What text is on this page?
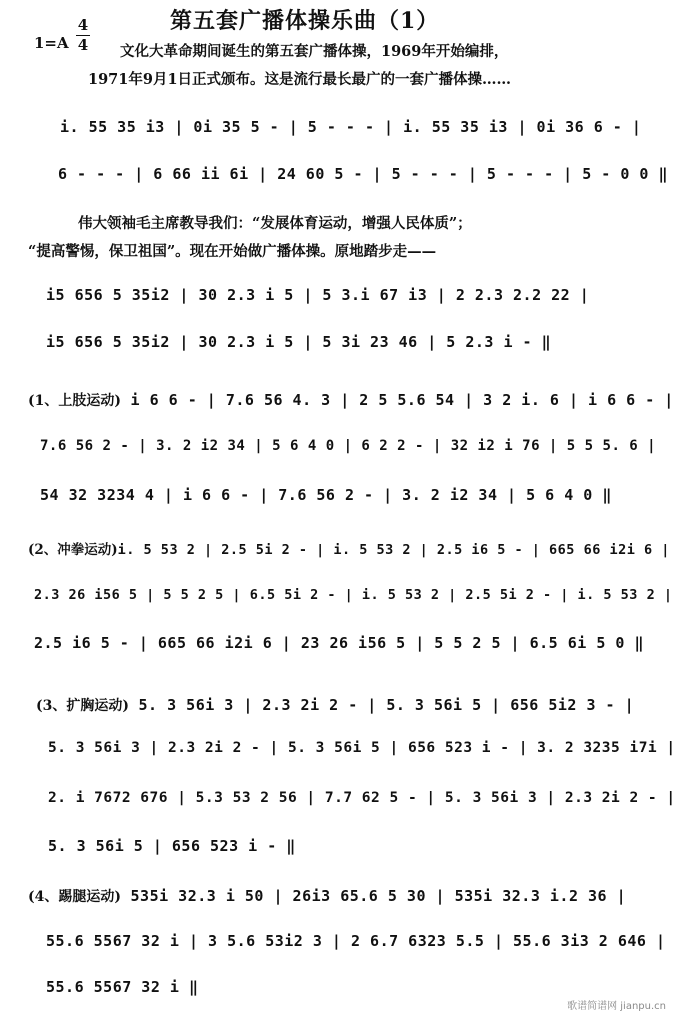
第五套广播体操乐曲（1）
1=A
4
4 文化大革命期间诞生的第五套广播体操，1969年开始编排，
1971年9月1日正式颁布。这是流行最长最广的一套广播体操……
i. 55 35 i3 | 0i 35 5 - | 5 - - - | i. 55 35 i3 | 0i 36 6 - |
6 - - - | 6 66 ii 6i | 24 60 5 - | 5 - - - | 5 - - - | 5 - 0 0 ‖
伟大领袖毛主席教导我们：“发展体育运动，增强人民体质”；
“提高警惕，保卫祖国”。现在开始做广播体操。原地踏步走——
i5 656 5 35i2 | 30 2.3 i 5 | 5 3.i 67 i3 | 2 2.3 2.2 22 |
i5 656 5 35i2 | 30 2.3 i 5 | 5 3i 23 46 | 5 2.3 i - ‖
(1、上肢运动) i 6 6 - | 7.6 56 4. 3 | 2 5 5.6 54 | 3 2 i. 6 | i 6 6 - |
7.6 56 2 - | 3. 2 i2 34 | 5 6 4 0 | 6 2 2 - | 32 i2 i 76 | 5 5 5. 6 |
54 32 3234 4 | i 6 6 - | 7.6 56 2 - | 3. 2 i2 34 | 5 6 4 0 ‖
(2、冲拳运动)i. 5 53 2 | 2.5 5i 2 - | i. 5 53 2 | 2.5 i6 5 - | 665 66 i2i 6 |
2.3 26 i56 5 | 5 5 2 5 | 6.5 5i 2 - | i. 5 53 2 | 2.5 5i 2 - | i. 5 53 2 |
2.5 i6 5 - | 665 66 i2i 6 | 23 26 i56 5 | 5 5 2 5 | 6.5 6i 5 0 ‖
(3、扩胸运动) 5. 3 56i 3 | 2.3 2i 2 - | 5. 3 56i 5 | 656 5i2 3 - |
5. 3 56i 3 | 2.3 2i 2 - | 5. 3 56i 5 | 656 523 i - | 3. 2 3235 i7i |
2. i 7672 676 | 5.3 53 2 56 | 7.7 62 5 - | 5. 3 56i 3 | 2.3 2i 2 - |
5. 3 56i 5 | 656 523 i - ‖
(4、踢腿运动) 535i 32.3 i 50 | 26i3 65.6 5 30 | 535i 32.3 i.2 36 |
55.6 5567 32 i | 3 5.6 53i2 3 | 2 6.7 6323 5.5 | 55.6 3i3 2 646 |
55.6 5567 32 i ‖
歌谱简谱网 jianpu.cn
